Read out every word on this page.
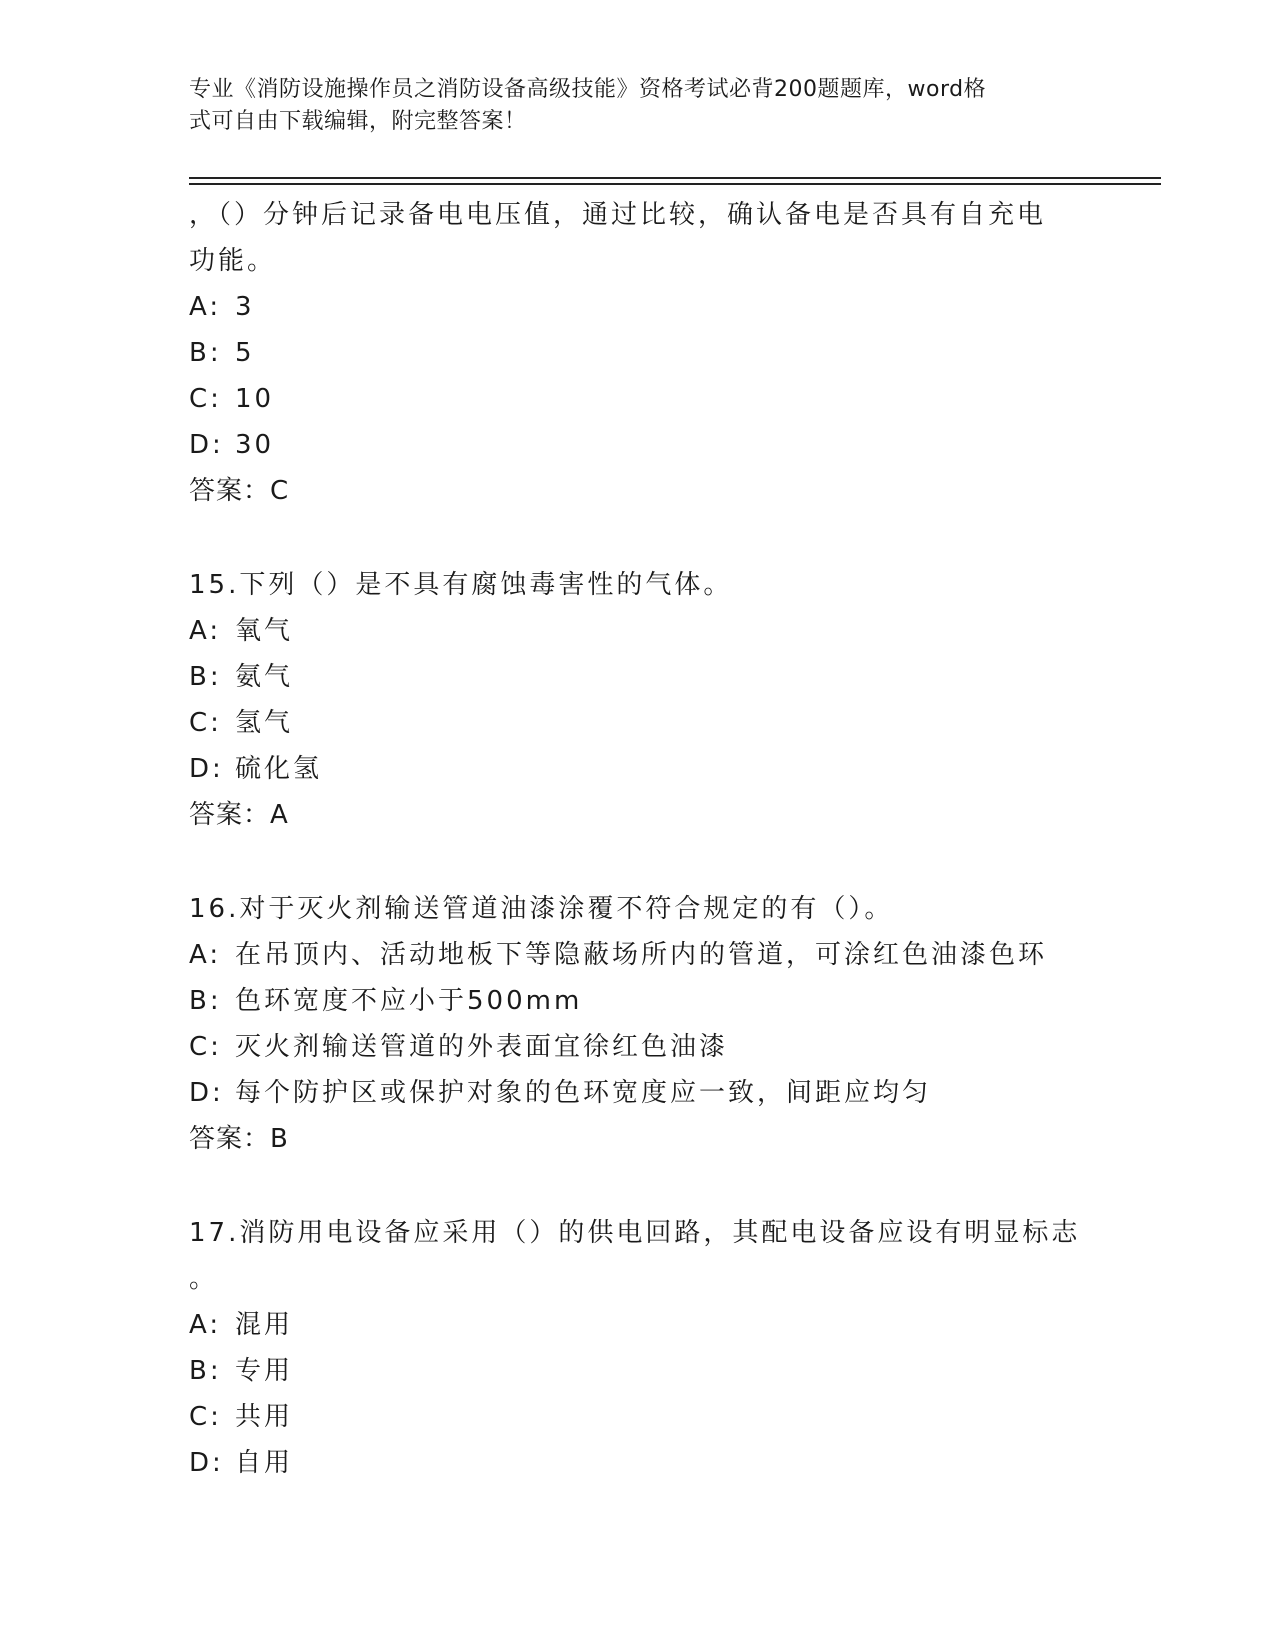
专业《消防设施操作员之消防设备高级技能》资格考试必背200题题库，word格
式可自由下载编辑，附完整答案！
，（）分钟后记录备电电压值，通过比较，确认备电是否具有自充电
功能。
A: 3
B: 5
C: 10
D: 30
答案：C
15.下列（）是不具有腐蚀毒害性的气体。
A: 氧气
B: 氨气
C: 氢气
D: 硫化氢
答案：A
16.对于灭火剂输送管道油漆涂覆不符合规定的有（）。
A: 在吊顶内、活动地板下等隐蔽场所内的管道，可涂红色油漆色环
B: 色环宽度不应小于500mm
C: 灭火剂输送管道的外表面宜徐红色油漆
D: 每个防护区或保护对象的色环宽度应一致，间距应均匀
答案：B
17.消防用电设备应采用（）的供电回路，其配电设备应设有明显标志
。
A: 混用
B: 专用
C: 共用
D: 自用
